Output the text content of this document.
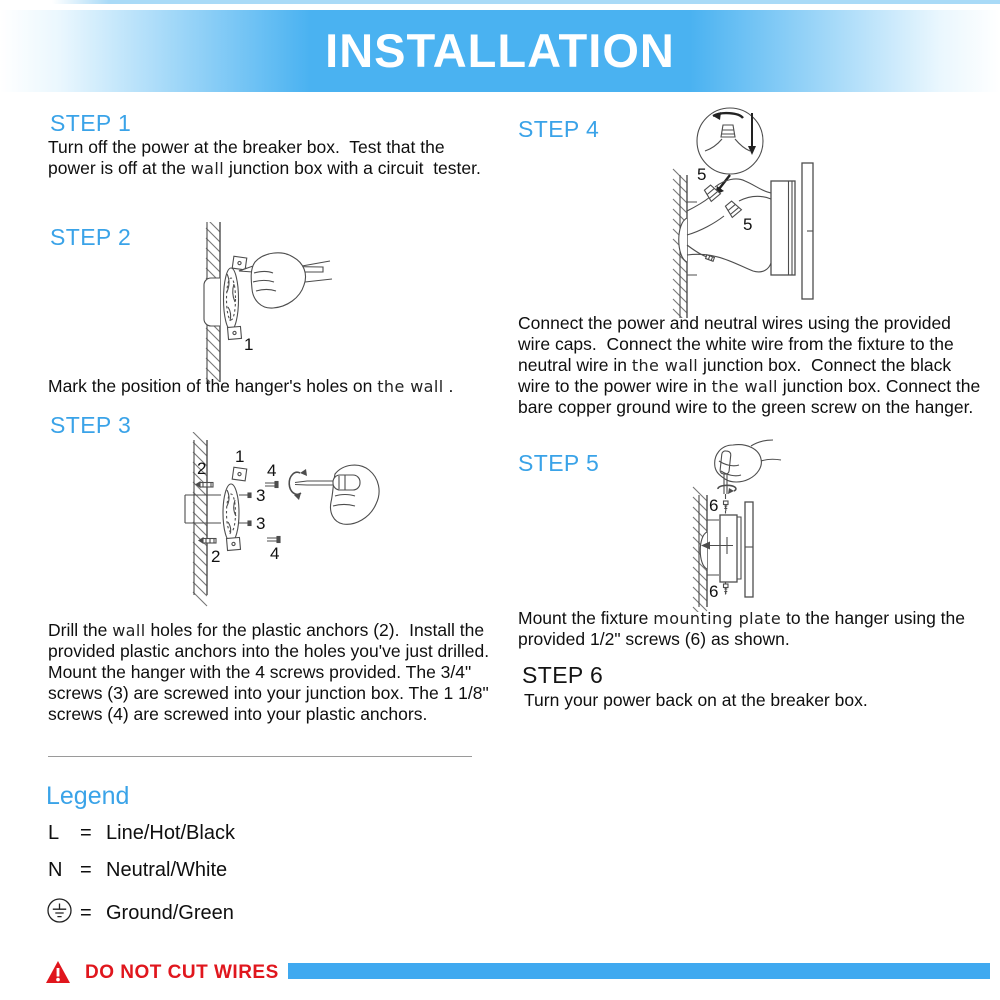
INSTALLATION
STEP 1

Turn off the power at the breaker box.  Test that the power is off at the wall junction box with a circuit  tester.

STEP 2
1

Mark the position of the hanger's holes on the wall .

STEP 3
2
1
4
3
3
2	4

Drill the wall holes for the plastic anchors (2).  Install the provided plastic anchors into the holes you've just drilled.  Mount the hanger with the 4 screws provided. The 3/4" screws (3) are screwed into your junction box. The 1 1/8" screws (4) are screwed into your plastic anchors.

STEP 4
5
5

Connect the power and neutral wires using the provided wire caps.  Connect the white wire from the fixture to the neutral wire in the wall junction box.  Connect the black wire to the power wire in the wall junction box. Connect the bare copper ground wire to the green screw on the hanger.

STEP 5
6
6

Mount the fixture mounting plate to the hanger using the provided 1/2" screws (6) as shown.

STEP 6

Turn your power back on at the breaker box.

Legend
L	= Line/Hot/Black
N = Neutral/White
= Ground/Green
DO NOT CUT WIRES
